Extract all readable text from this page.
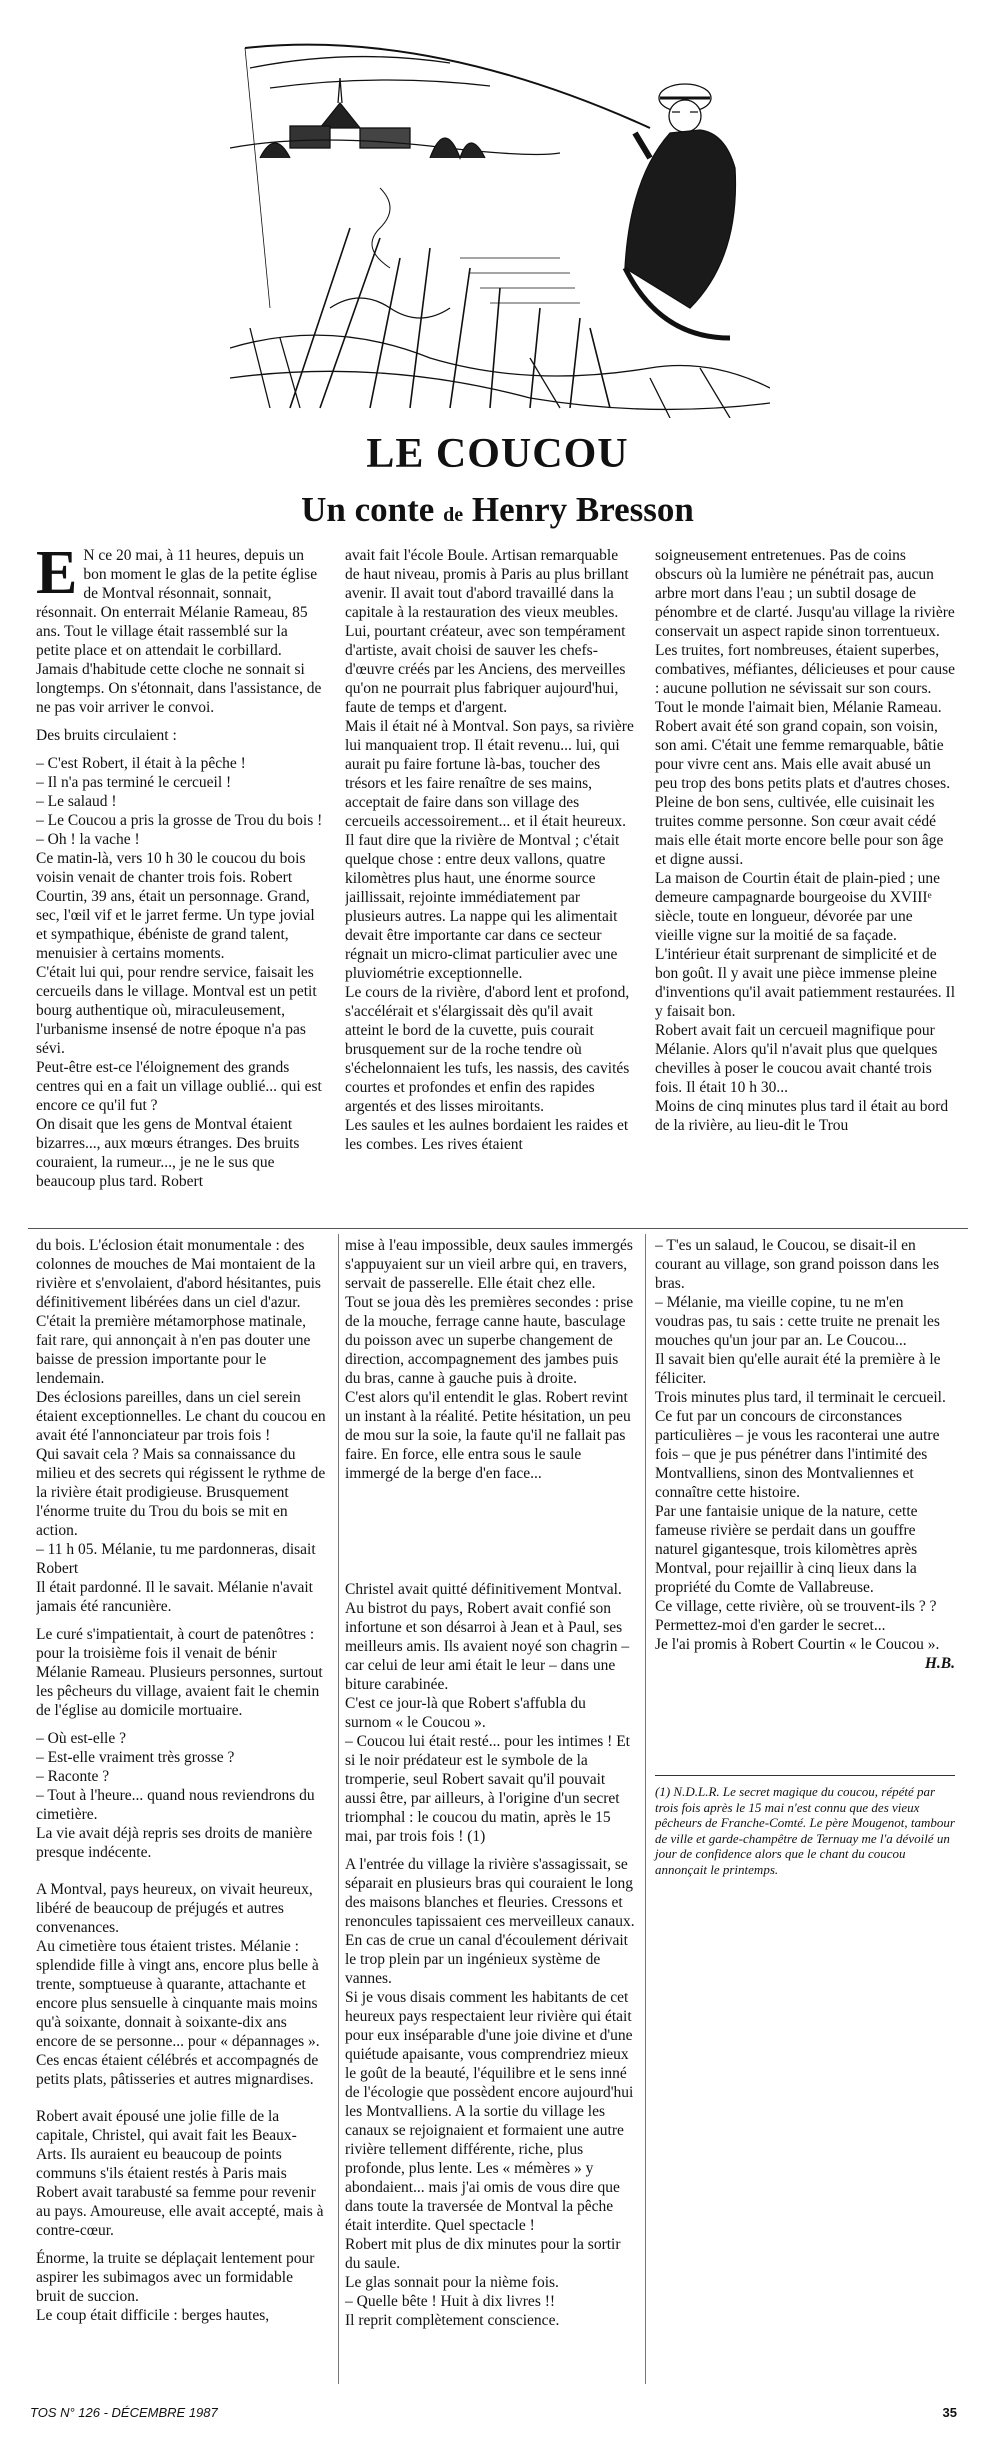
LE COUCOU
Un conte de Henry Bresson
E N ce 20 mai, à 11 heures, depuis un bon moment le glas de la petite église de Montval résonnait, sonnait, résonnait. On enterrait Mélanie Rameau, 85 ans. Tout le village était rassemblé sur la petite place et on attendait le corbillard. Jamais d'habitude cette cloche ne sonnait si longtemps. On s'étonnait, dans l'assistance, de ne pas voir arriver le convoi.

Des bruits circulaient :

– C'est Robert, il était à la pêche !

– Il n'a pas terminé le cercueil !

– Le salaud !

– Le Coucou a pris la grosse de Trou du bois !

– Oh ! la vache !

Ce matin-là, vers 10 h 30 le coucou du bois voisin venait de chanter trois fois. Robert Courtin, 39 ans, était un personnage. Grand, sec, l'œil vif et le jarret ferme. Un type jovial et sympathique, ébéniste de grand talent, menuisier à certains moments.

C'était lui qui, pour rendre service, faisait les cercueils dans le village. Montval est un petit bourg authentique où, miraculeusement, l'urbanisme insensé de notre époque n'a pas sévi.

Peut-être est-ce l'éloignement des grands centres qui en a fait un village oublié... qui est encore ce qu'il fut ?

On disait que les gens de Montval étaient bizarres..., aux mœurs étranges. Des bruits couraient, la rumeur..., je ne le sus que beaucoup plus tard. Robert

avait fait l'école Boule. Artisan remarquable de haut niveau, promis à Paris au plus brillant avenir. Il avait tout d'abord travaillé dans la capitale à la restauration des vieux meubles. Lui, pourtant créateur, avec son tempérament d'artiste, avait choisi de sauver les chefs-d'œuvre créés par les Anciens, des merveilles qu'on ne pourrait plus fabriquer aujourd'hui, faute de temps et d'argent.

Mais il était né à Montval. Son pays, sa rivière lui manquaient trop. Il était revenu... lui, qui aurait pu faire fortune là-bas, toucher des trésors et les faire renaître de ses mains, acceptait de faire dans son village des cercueils accessoirement... et il était heureux.

Il faut dire que la rivière de Montval ; c'était quelque chose : entre deux vallons, quatre kilomètres plus haut, une énorme source jaillissait, rejointe immédiatement par plusieurs autres. La nappe qui les alimentait devait être importante car dans ce secteur régnait un micro-climat particulier avec une pluviométrie exceptionnelle.

Le cours de la rivière, d'abord lent et profond, s'accélérait et s'élargissait dès qu'il avait atteint le bord de la cuvette, puis courait brusquement sur de la roche tendre où s'échelonnaient les tufs, les nassis, des cavités courtes et profondes et enfin des rapides argentés et des lisses miroitants.

Les saules et les aulnes bordaient les raides et les combes. Les rives étaient

soigneusement entretenues. Pas de coins obscurs où la lumière ne pénétrait pas, aucun arbre mort dans l'eau ; un subtil dosage de pénombre et de clarté. Jusqu'au village la rivière conservait un aspect rapide sinon torrentueux. Les truites, fort nombreuses, étaient superbes, combatives, méfiantes, délicieuses et pour cause : aucune pollution ne sévissait sur son cours.

Tout le monde l'aimait bien, Mélanie Rameau. Robert avait été son grand copain, son voisin, son ami. C'était une femme remarquable, bâtie pour vivre cent ans. Mais elle avait abusé un peu trop des bons petits plats et d'autres choses. Pleine de bon sens, cultivée, elle cuisinait les truites comme personne. Son cœur avait cédé mais elle était morte encore belle pour son âge et digne aussi.

La maison de Courtin était de plain-pied ; une demeure campagnarde bourgeoise du XVIIIᵉ siècle, toute en longueur, dévorée par une vieille vigne sur la moitié de sa façade. L'intérieur était surprenant de simplicité et de bon goût. Il y avait une pièce immense pleine d'inventions qu'il avait patiemment restaurées. Il y faisait bon.

Robert avait fait un cercueil magnifique pour Mélanie. Alors qu'il n'avait plus que quelques chevilles à poser le coucou avait chanté trois fois. Il était 10 h 30...

Moins de cinq minutes plus tard il était au bord de la rivière, au lieu-dit le Trou

du bois. L'éclosion était monumentale : des colonnes de mouches de Mai montaient de la rivière et s'envolaient, d'abord hésitantes, puis définitivement libérées dans un ciel d'azur.

C'était la première métamorphose matinale, fait rare, qui annonçait à n'en pas douter une baisse de pression importante pour le lendemain.

Des éclosions pareilles, dans un ciel serein étaient exceptionnelles. Le chant du coucou en avait été l'annonciateur par trois fois !

Qui savait cela ? Mais sa connaissance du milieu et des secrets qui régissent le rythme de la rivière était prodigieuse. Brusquement l'énorme truite du Trou du bois se mit en action.

– 11 h 05. Mélanie, tu me pardonneras, disait Robert

Il était pardonné. Il le savait. Mélanie n'avait jamais été rancunière.

Le curé s'impatientait, à court de patenôtres : pour la troisième fois il venait de bénir Mélanie Rameau. Plusieurs personnes, surtout les pêcheurs du village, avaient fait le chemin de l'église au domicile mortuaire.

– Où est-elle ?

– Est-elle vraiment très grosse ?

– Raconte ?

– Tout à l'heure... quand nous reviendrons du cimetière.

La vie avait déjà repris ses droits de manière presque indécente.

A Montval, pays heureux, on vivait heureux, libéré de beaucoup de préjugés et autres convenances.

Au cimetière tous étaient tristes. Mélanie : splendide fille à vingt ans, encore plus belle à trente, somptueuse à quarante, attachante et encore plus sensuelle à cinquante mais moins qu'à soixante, donnait à soixante-dix ans encore de se personne... pour « dépannages ». Ces encas étaient célébrés et accompagnés de petits plats, pâtisseries et autres mignardises.

Robert avait épousé une jolie fille de la capitale, Christel, qui avait fait les Beaux-Arts. Ils auraient eu beaucoup de points communs s'ils étaient restés à Paris mais Robert avait tarabusté sa femme pour revenir au pays. Amoureuse, elle avait accepté, mais à contre-cœur.

Énorme, la truite se déplaçait lentement pour aspirer les subimagos avec un formidable bruit de succion.

Le coup était difficile : berges hautes,

mise à l'eau impossible, deux saules immergés s'appuyaient sur un vieil arbre qui, en travers, servait de passerelle. Elle était chez elle.

Tout se joua dès les premières secondes : prise de la mouche, ferrage canne haute, basculage du poisson avec un superbe changement de direction, accompagnement des jambes puis du bras, canne à gauche puis à droite.

C'est alors qu'il entendit le glas. Robert revint un instant à la réalité. Petite hésitation, un peu de mou sur la soie, la faute qu'il ne fallait pas faire. En force, elle entra sous le saule immergé de la berge d'en face...

Christel avait quitté définitivement Montval.

Au bistrot du pays, Robert avait confié son infortune et son désarroi à Jean et à Paul, ses meilleurs amis. Ils avaient noyé son chagrin – car celui de leur ami était le leur – dans une biture carabinée.

C'est ce jour-là que Robert s'affubla du surnom « le Coucou ».

– Coucou lui était resté... pour les intimes ! Et si le noir prédateur est le symbole de la tromperie, seul Robert savait qu'il pouvait aussi être, par ailleurs, à l'origine d'un secret triomphal : le coucou du matin, après le 15 mai, par trois fois ! (1)

A l'entrée du village la rivière s'assagissait, se séparait en plusieurs bras qui couraient le long des maisons blanches et fleuries. Cressons et renoncules tapissaient ces merveilleux canaux.

En cas de crue un canal d'écoulement dérivait le trop plein par un ingénieux système de vannes.

Si je vous disais comment les habitants de cet heureux pays respectaient leur rivière qui était pour eux inséparable d'une joie divine et d'une quiétude apaisante, vous comprendriez mieux le goût de la beauté, l'équilibre et le sens inné de l'écologie que possèdent encore aujourd'hui les Montvalliens. A la sortie du village les canaux se rejoignaient et formaient une autre rivière tellement différente, riche, plus profonde, plus lente. Les « mémères » y abondaient... mais j'ai omis de vous dire que dans toute la traversée de Montval la pêche était interdite. Quel spectacle !

Robert mit plus de dix minutes pour la sortir du saule.

Le glas sonnait pour la nième fois.

– Quelle bête ! Huit à dix livres !!

Il reprit complètement conscience.

– T'es un salaud, le Coucou, se disait-il en courant au village, son grand poisson dans les bras.

– Mélanie, ma vieille copine, tu ne m'en voudras pas, tu sais : cette truite ne prenait les mouches qu'un jour par an. Le Coucou...

Il savait bien qu'elle aurait été la première à le féliciter.

Trois minutes plus tard, il terminait le cercueil.

Ce fut par un concours de circonstances particulières – je vous les raconterai une autre fois – que je pus pénétrer dans l'intimité des Montvalliens, sinon des Montvaliennes et connaître cette histoire.

Par une fantaisie unique de la nature, cette fameuse rivière se perdait dans un gouffre naturel gigantesque, trois kilomètres après Montval, pour rejaillir à cinq lieux dans la propriété du Comte de Vallabreuse.

Ce village, cette rivière, où se trouvent-ils ? ?

Permettez-moi d'en garder le secret...

Je l'ai promis à Robert Courtin « le Coucou ».

H.B.

(1) N.D.L.R. Le secret magique du coucou, répété par trois fois après le 15 mai n'est connu que des vieux pêcheurs de Franche-Comté. Le père Mougenot, tambour de ville et garde-champêtre de Ternuay me l'a dévoilé un jour de confidence alors que le chant du coucou annonçait le printemps.
TOS N° 126 - DÉCEMBRE 1987	35
